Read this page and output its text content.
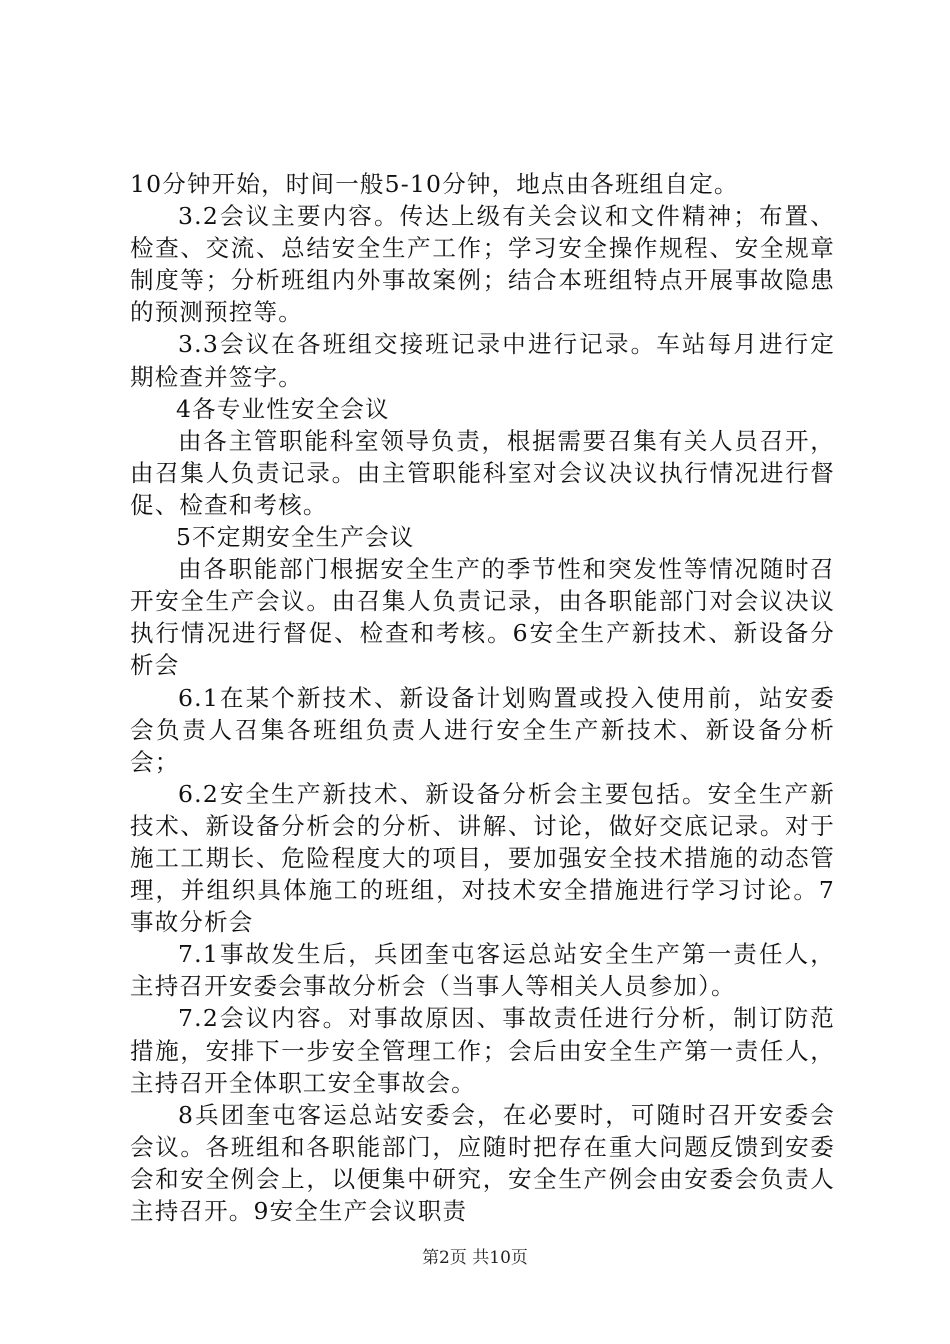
10分钟开始，时间一般5-10分钟，地点由各班组自定。

3.2会议主要内容。传达上级有关会议和文件精神；布置、检查、交流、总结安全生产工作；学习安全操作规程、安全规章制度等；分析班组内外事故案例；结合本班组特点开展事故隐患的预测预控等。

3.3会议在各班组交接班记录中进行记录。车站每月进行定期检查并签字。

4各专业性安全会议

由各主管职能科室领导负责，根据需要召集有关人员召开，由召集人负责记录。由主管职能科室对会议决议执行情况进行督促、检查和考核。

5不定期安全生产会议

由各职能部门根据安全生产的季节性和突发性等情况随时召开安全生产会议。由召集人负责记录，由各职能部门对会议决议执行情况进行督促、检查和考核。6安全生产新技术、新设备分析会

6.1在某个新技术、新设备计划购置或投入使用前，站安委会负责人召集各班组负责人进行安全生产新技术、新设备分析会；

6.2安全生产新技术、新设备分析会主要包括。安全生产新技术、新设备分析会的分析、讲解、讨论，做好交底记录。对于施工工期长、危险程度大的项目，要加强安全技术措施的动态管理，并组织具体施工的班组，对技术安全措施进行学习讨论。7事故分析会

7.1事故发生后，兵团奎屯客运总站安全生产第一责任人，主持召开安委会事故分析会（当事人等相关人员参加）。

7.2会议内容。对事故原因、事故责任进行分析，制订防范措施，安排下一步安全管理工作；会后由安全生产第一责任人，主持召开全体职工安全事故会。

8兵团奎屯客运总站安委会，在必要时，可随时召开安委会会议。各班组和各职能部门，应随时把存在重大问题反馈到安委会和安全例会上，以便集中研究，安全生产例会由安委会负责人主持召开。9安全生产会议职责

第2页 共10页
